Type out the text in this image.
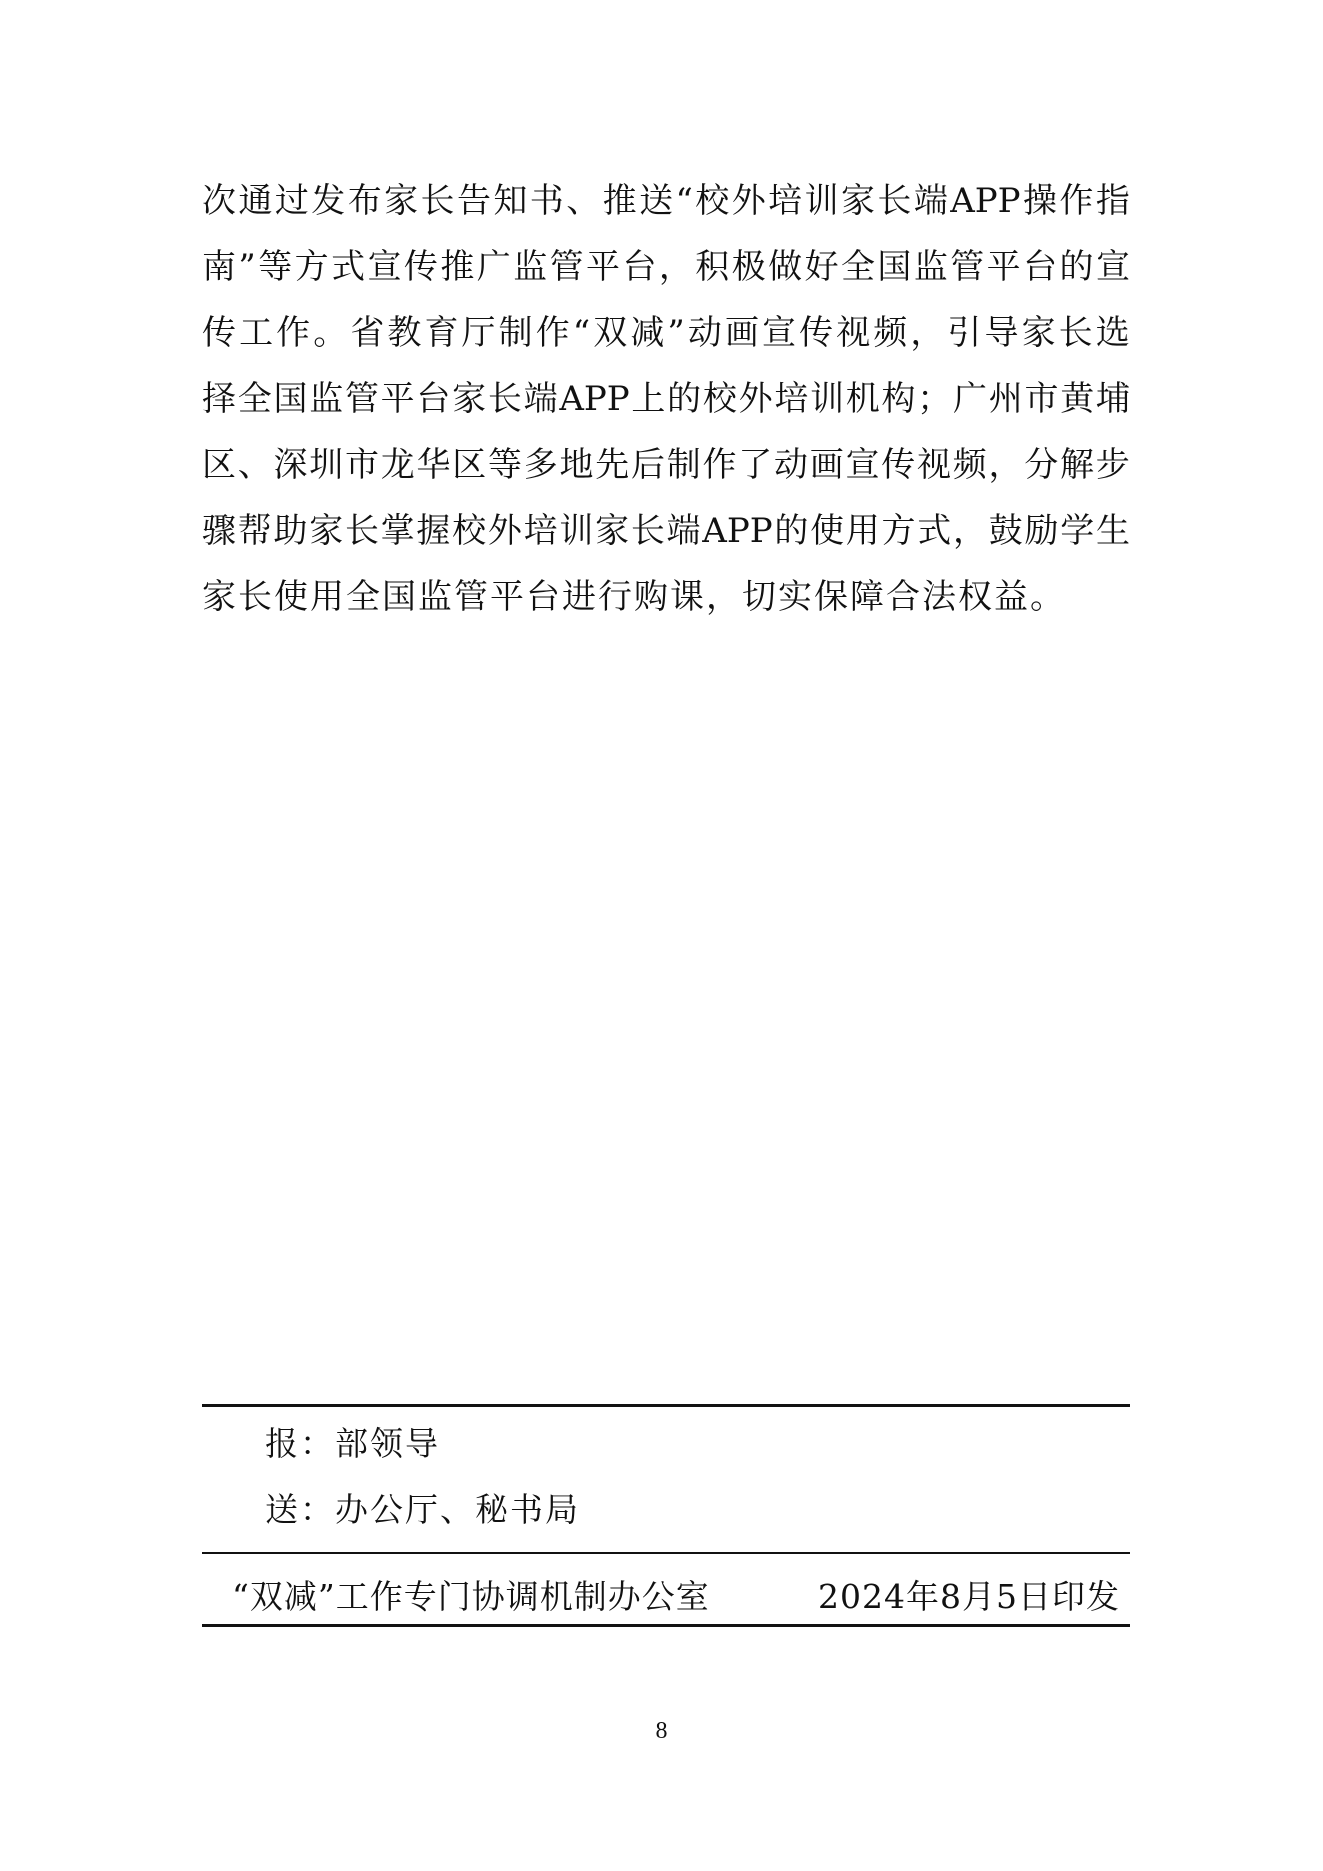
次 通 过 发 布 家 长 告 知 书 、 推 送 “ 校 外 培 训 家 长 端 APP 操 作 指
南 ” 等 方 式 宣 传 推 广 监 管 平 台 ， 积 极 做 好 全 国 监 管 平 台 的 宣
传 工 作 。 省 教 育 厅 制 作 “ 双 减 ” 动 画 宣 传 视 频 ， 引 导 家 长 选
择 全 国 监 管 平 台 家 长 端 APP 上 的 校 外 培 训 机 构 ； 广 州 市 黄 埔
区 、 深 圳 市 龙 华 区 等 多 地 先 后 制 作 了 动 画 宣 传 视 频 ， 分 解 步
骤 帮 助 家 长 掌 握 校 外 培 训 家 长 端 APP 的 使 用 方 式 ， 鼓 励 学 生
家长使用全国监管平台进行购课，切实保障合法权益。
报：部领导
送：办公厅、秘书局
“双减”工作专门协调机制办公室	2024年8月5日印发
8
